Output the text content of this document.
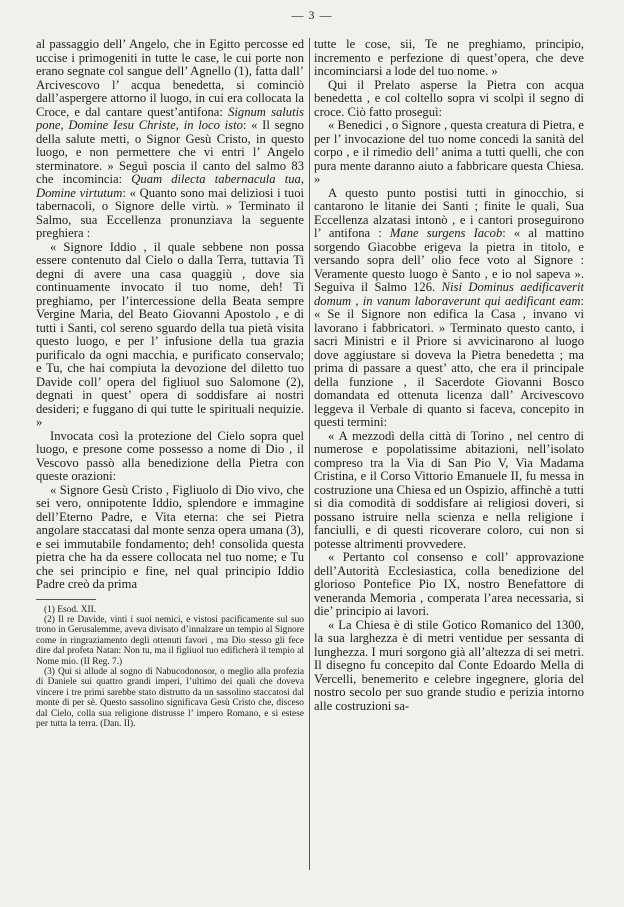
— 3 —

al passaggio dell’ Angelo, che in Egitto percosse ed uccise i primogeniti in tutte le case, le cui porte non erano segnate col sangue dell’ Agnello (1), fatta dall’ Arcivescovo l’ acqua benedetta, si cominciò dall’aspergere attorno il luogo, in cui era collocata la Croce, e dal cantare quest’antifona: Signum salutis pone, Domine Iesu Christe, in loco isto: « Il segno della salute metti, o Signor Gesù Cristo, in questo luogo, e non permettere che vi entri l’ Angelo sterminatore. » Seguì poscia il canto del salmo 83 che incomincia: Quam dilecta tabernacula tua, Domine virtutum: « Quanto sono mai deliziosi i tuoi tabernacoli, o Signore delle virtù. » Terminato il Salmo, sua Eccellenza pronunziava la seguente preghiera :

« Signore Iddio , il quale sebbene non possa essere contenuto dal Cielo o dalla Terra, tuttavia Ti degni di avere una casa quaggiù , dove sia continuamente invocato il tuo nome, deh! Ti preghiamo, per l’intercessione della Beata sempre Vergine Maria, del Beato Giovanni Apostolo , e di tutti i Santi, col sereno sguardo della tua pietà visita questo luogo, e per l’ infusione della tua grazia purificalo da ogni macchia, e purificato conservalo; e Tu, che hai compiuta la devozione del diletto tuo Davide coll’ opera del figliuol suo Salomone (2), degnati in quest’ opera di soddisfare ai nostri desideri; e fuggano di qui tutte le spirituali nequizie. »

Invocata così la protezione del Cielo sopra quel luogo, e presone come possesso a nome di Dio , il Vescovo passò alla benedizione della Pietra con queste orazioni:

« Signore Gesù Cristo , Figliuolo di Dio vivo, che sei vero, onnipotente Iddio, splendore e immagine dell’Eterno Padre, e Vita eterna: che sei Pietra angolare staccatasi dal monte senza opera umana (3), e sei immutabile fondamento; deh! consolida questa pietra che ha da essere collocata nel tuo nome; e Tu che sei principio e fine, nel qual principio Iddio Padre creò da prima

(1) Esod. XII.

(2) Il re Davide, vinti i suoi nemici, e vistosi pacificamente sul suo trono in Gerusalemme, aveva divisato d’innalzare un tempio al Signore come in ringraziamento degli ottenuti favori , ma Dio stesso gli fece dire dal profeta Natan: Non tu, ma il figliuol tuo edificherà il tempio al Nome mio. (II Reg. 7.)

(3) Qui si allude al sogno di Nabucodonosor, o meglio alla profezia di Daniele sui quattro grandi imperi, l’ultimo dei quali che doveva vincere i tre primi sarebbe stato distrutto da un sassolino staccatosi dal monte di per sè. Questo sassolino significava Gesù Cristo che, disceso dal Cielo, colla sua religione distrusse l’ impero Romano, e si estese per tutta la terra. (Dan. II).

tutte le cose, sii, Te ne preghiamo, principio, incremento e perfezione di quest’opera, che deve incominciarsi a lode del tuo nome. »

Qui il Prelato asperse la Pietra con acqua benedetta , e col coltello sopra vi scolpì il segno di croce. Ciò fatto proseguì:

« Benedici , o Signore , questa creatura di Pietra, e per l’ invocazione del tuo nome concedi la sanità del corpo , e il rimedio dell’ anima a tutti quelli, che con pura mente daranno aiuto a fabbricare questa Chiesa. »

A questo punto postisi tutti in ginocchio, si cantarono le litanie dei Santi ; finite le quali, Sua Eccellenza alzatasi intonò , e i cantori proseguirono l’ antifona : Mane surgens Iacob: « al mattino sorgendo Giacobbe erigeva la pietra in titolo, e versando sopra dell’ olio fece voto al Signore : Veramente questo luogo è Santo , e io nol sapeva ». Seguiva il Salmo 126. Nisi Dominus aedificaverit domum , in vanum laboraverunt qui aedificant eam: « Se il Signore non edifica la Casa , invano vi lavorano i fabbricatori. » Terminato questo canto, i sacri Ministri e il Priore si avvicinarono al luogo dove aggiustare si doveva la Pietra benedetta ; ma prima di passare a quest’ atto, che era il principale della funzione , il Sacerdote Giovanni Bosco domandata ed ottenuta licenza dall’ Arcivescovo leggeva il Verbale di quanto si faceva, concepito in questi termini:

« A mezzodì della città di Torino , nel centro di numerose e popolatissime abitazioni, nell’isolato compreso tra la Via di San Pio V, Via Madama Cristina, e il Corso Vittorio Emanuele II, fu messa in costruzione una Chiesa ed un Ospizio, affinchè a tutti si dia comodità di soddisfare ai religiosi doveri, si possano istruire nella scienza e nella religione i fanciulli, e di questi ricoverare coloro, cui non si potesse altrimenti provvedere.

« Pertanto col consenso e coll’ approvazione dell’Autorità Ecclesiastica, colla benedizione del glorioso Pontefice Pio IX, nostro Benefattore di veneranda Memoria , comperata l’area necessaria, si die’ principio ai lavori.

« La Chiesa è di stile Gotico Romanico del 1300, la sua larghezza è di metri ventidue per sessanta di lunghezza. I muri sorgono già all’altezza di sei metri. Il disegno fu concepito dal Conte Edoardo Mella di Vercelli, benemerito e celebre ingegnere, gloria del nostro secolo per suo grande studio e perizia intorno alle costruzioni sa-
